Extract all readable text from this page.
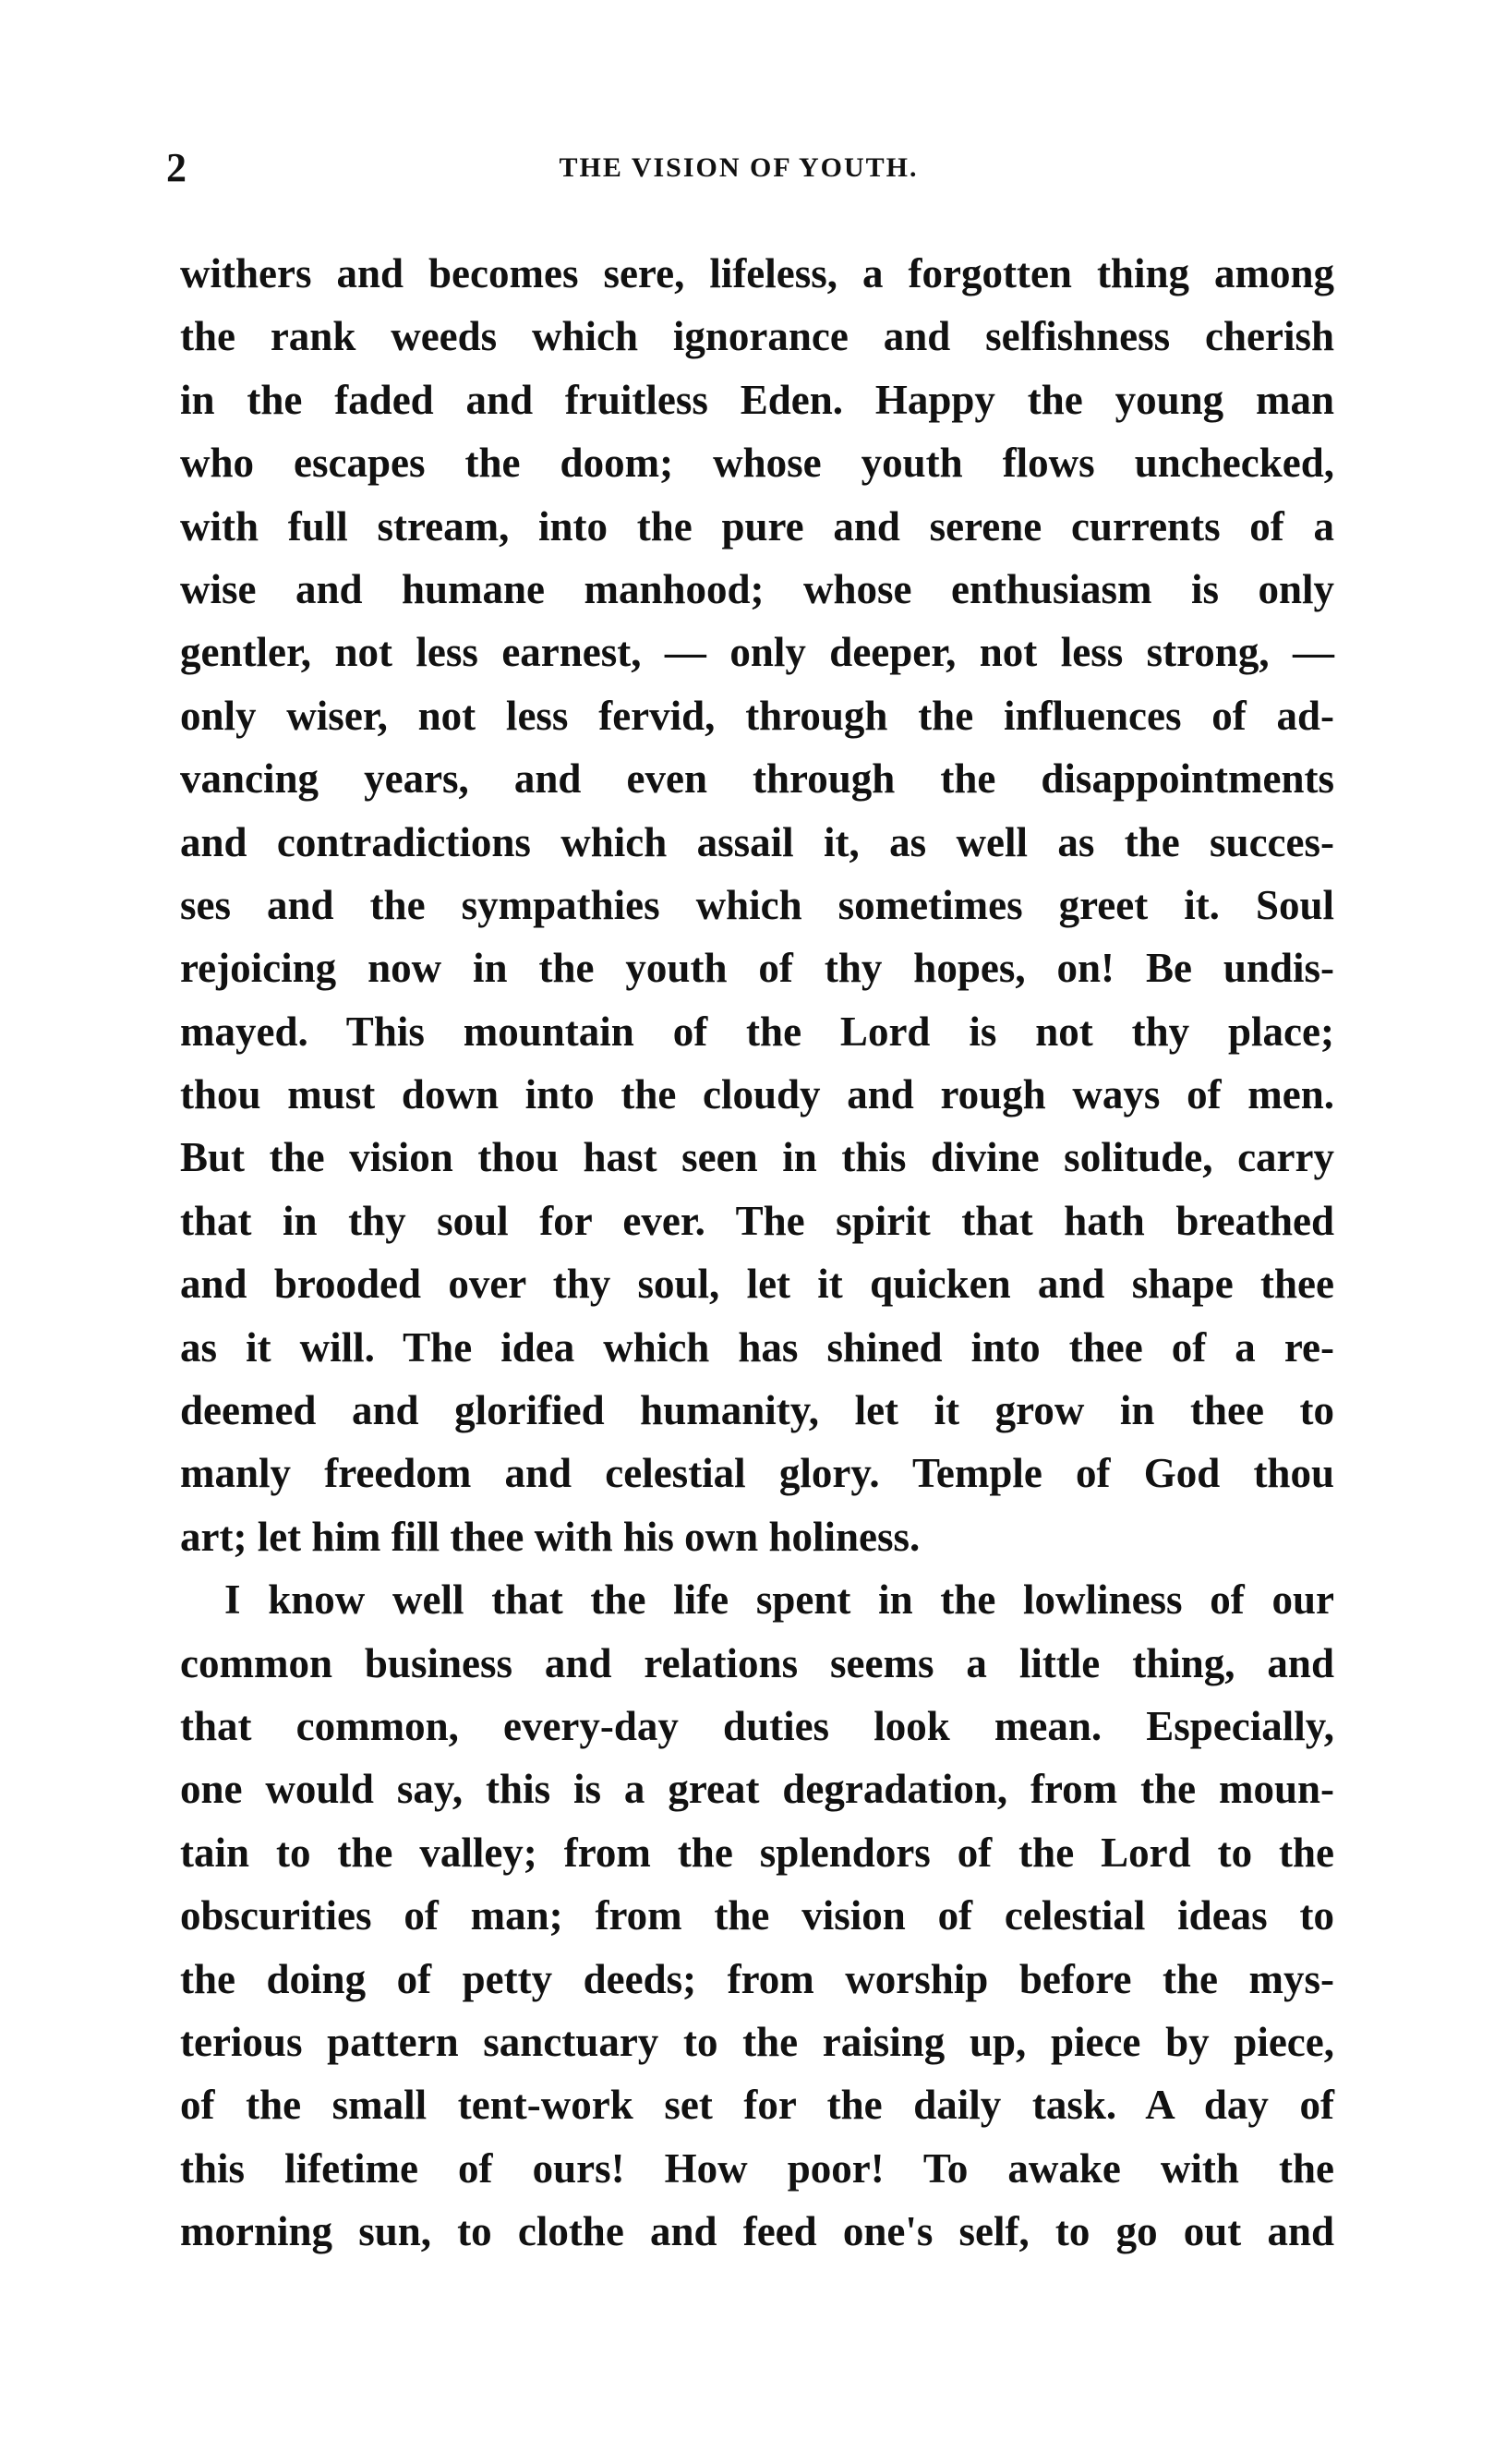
2	THE VISION OF YOUTH.
withers and becomes sere, lifeless, a forgotten thing among
the rank weeds which ignorance and selfishness cherish
in the faded and fruitless Eden. Happy the young man
who escapes the doom; whose youth flows unchecked,
with full stream, into the pure and serene currents of a
wise and humane manhood; whose enthusiasm is only
gentler, not less earnest, — only deeper, not less strong, —
only wiser, not less fervid, through the influences of ad-
vancing years, and even through the disappointments
and contradictions which assail it, as well as the succes-
ses and the sympathies which sometimes greet it. Soul
rejoicing now in the youth of thy hopes, on! Be undis-
mayed. This mountain of the Lord is not thy place;
thou must down into the cloudy and rough ways of men.
But the vision thou hast seen in this divine solitude, carry
that in thy soul for ever. The spirit that hath breathed
and brooded over thy soul, let it quicken and shape thee
as it will. The idea which has shined into thee of a re-
deemed and glorified humanity, let it grow in thee to
manly freedom and celestial glory. Temple of God thou
art; let him fill thee with his own holiness.
I know well that the life spent in the lowliness of our
common business and relations seems a little thing, and
that common, every-day duties look mean. Especially,
one would say, this is a great degradation, from the moun-
tain to the valley; from the splendors of the Lord to the
obscurities of man; from the vision of celestial ideas to
the doing of petty deeds; from worship before the mys-
terious pattern sanctuary to the raising up, piece by piece,
of the small tent-work set for the daily task. A day of
this lifetime of ours! How poor! To awake with the
morning sun, to clothe and feed one's self, to go out and
